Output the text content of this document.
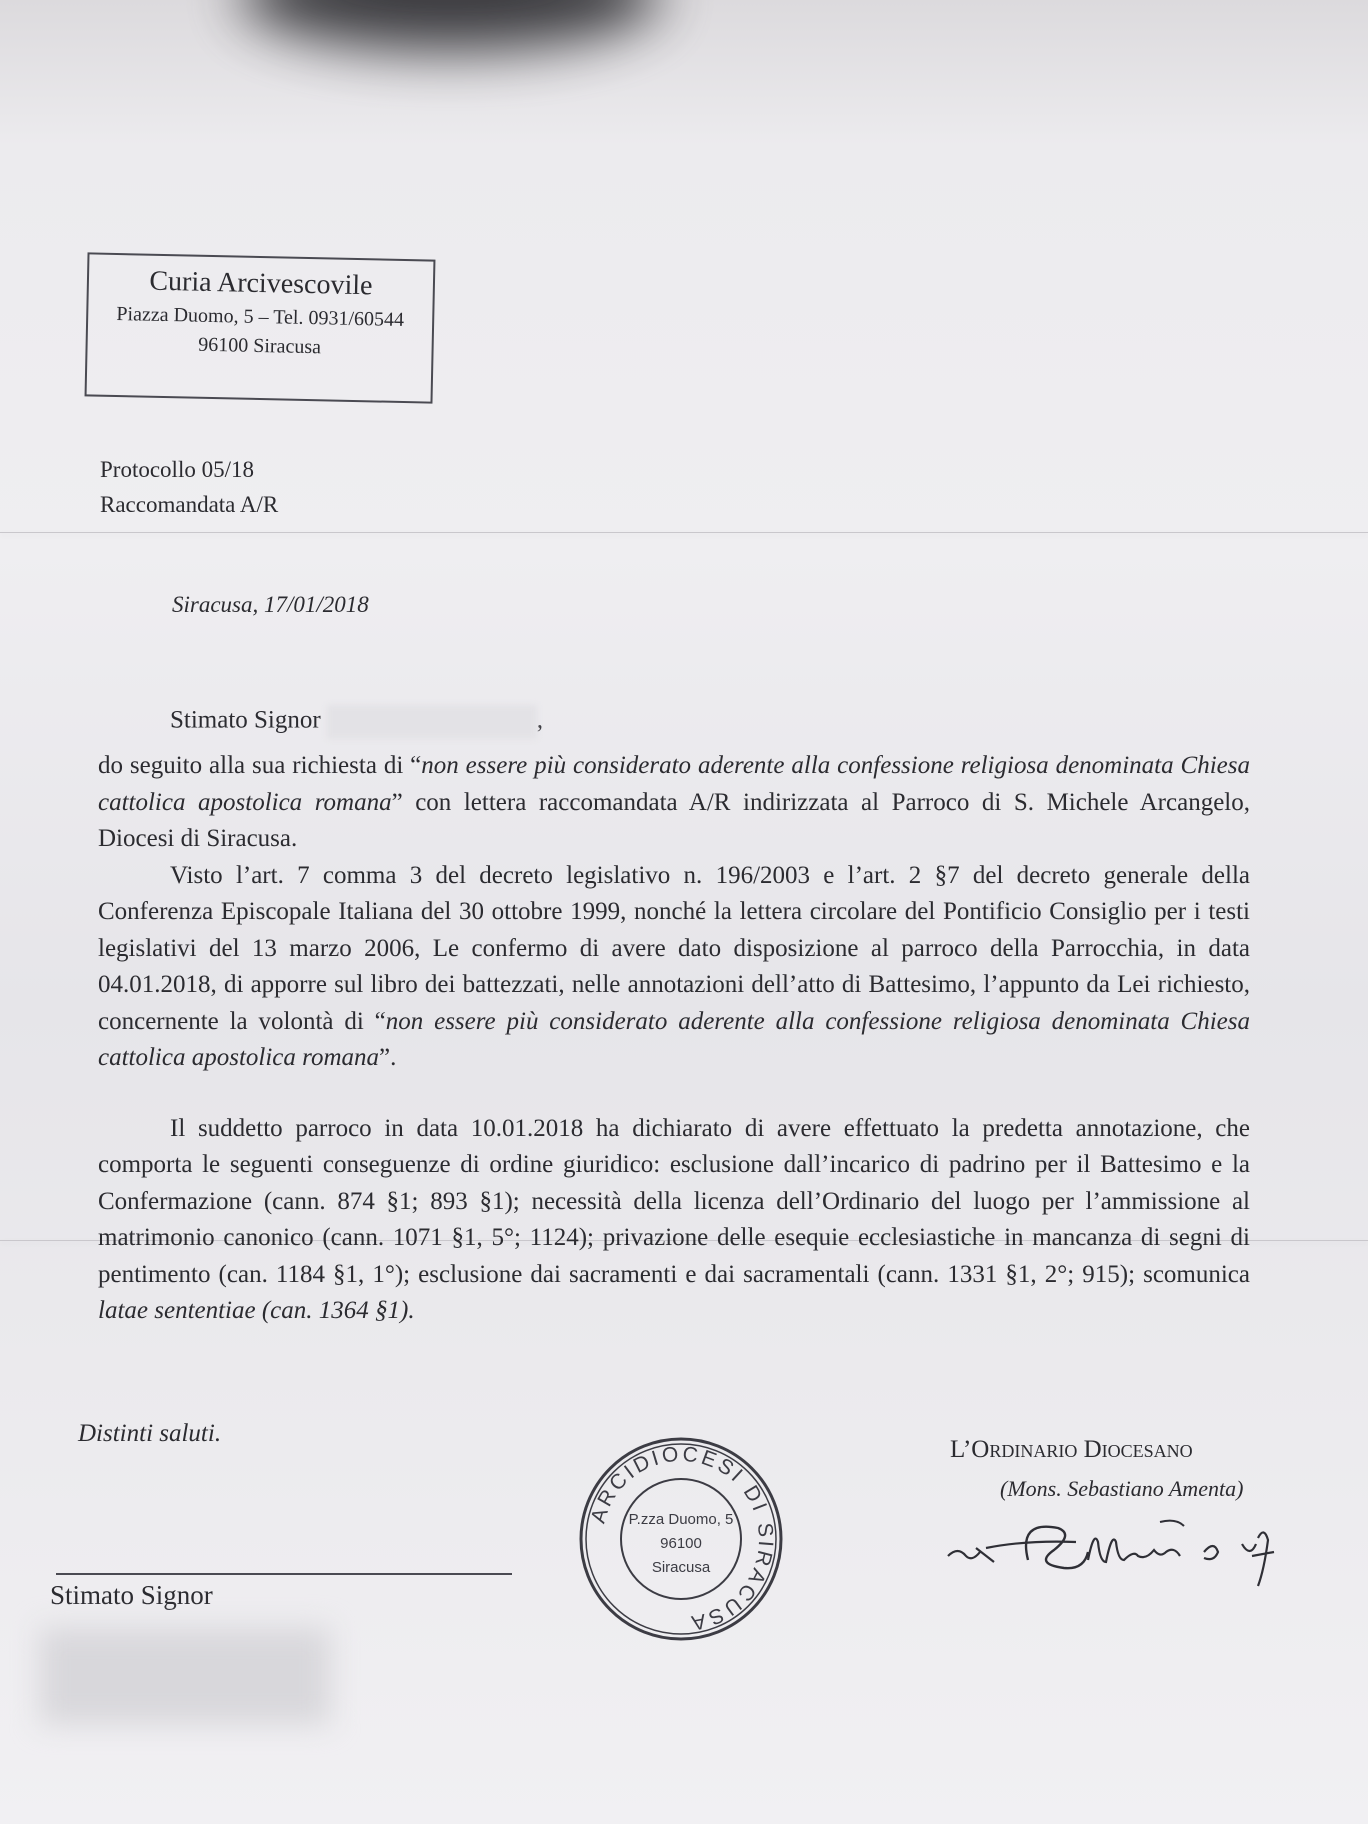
Curia Arcivescovile
Piazza Duomo, 5 – Tel. 0931/60544
96100 Siracusa
Protocollo 05/18
Raccomandata A/R
Siracusa, 17/01/2018
Stimato Signor	,

do seguito alla sua richiesta di “non essere più considerato aderente alla confessione religiosa denominata Chiesa cattolica apostolica romana” con lettera raccomandata A/R indirizzata al Parroco di S. Michele Arcangelo, Diocesi di Siracusa.

Visto l’art. 7 comma 3 del decreto legislativo n. 196/2003 e l’art. 2 §7 del decreto generale della Conferenza Episcopale Italiana del 30 ottobre 1999, nonché la lettera circolare del Pontificio Consiglio per i testi legislativi del 13 marzo 2006, Le confermo di avere dato disposizione al parroco della Parrocchia, in data 04.01.2018, di apporre sul libro dei battezzati, nelle annotazioni dell’atto di Battesimo, l’appunto da Lei richiesto, concernente la volontà di “non essere più considerato aderente alla confessione religiosa denominata Chiesa cattolica apostolica romana”.

Il suddetto parroco in data 10.01.2018 ha dichiarato di avere effettuato la predetta annotazione, che comporta le seguenti conseguenze di ordine giuridico: esclusione dall’incarico di padrino per il Battesimo e la Confermazione (cann. 874 §1; 893 §1); necessità della licenza dell’Ordinario del luogo per l’ammissione al matrimonio canonico (cann. 1071 §1, 5°; 1124); privazione delle esequie ecclesiastiche in mancanza di segni di pentimento (can. 1184 §1, 1°); esclusione dai sacramenti e dai sacramentali (cann. 1331 §1, 2°; 915); scomunica latae sententiae (can. 1364 §1).

Distinti saluti.
ARCIDIOCESI DI SIRACUSA
P.zza Duomo, 5
96100
Siracusa
L’Ordinario Diocesano
(Mons. Sebastiano Amenta)
Stimato Signor
